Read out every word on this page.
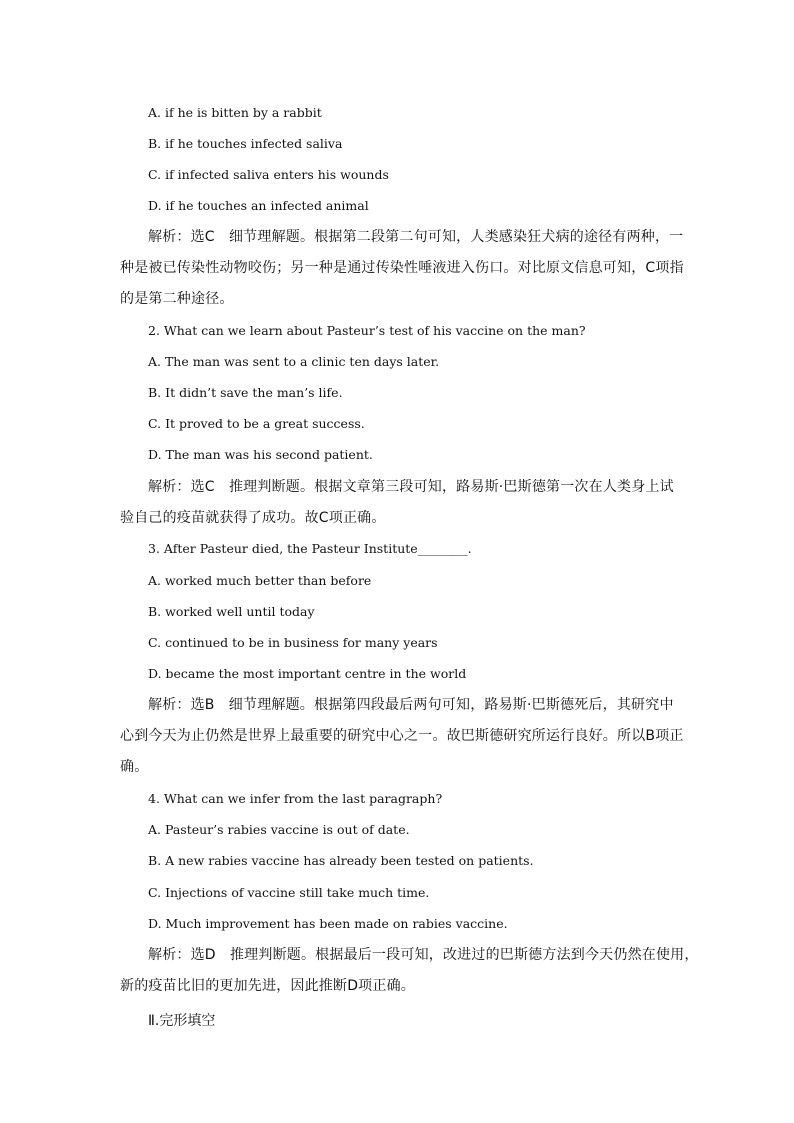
A. if he is bitten by a rabbit
B. if he touches infected saliva
C. if infected saliva enters his wounds
D. if he touches an infected animal
解析：选C　细节理解题。根据第二段第二句可知，人类感染狂犬病的途径有两种，一
种是被已传染性动物咬伤；另一种是通过传染性唾液进入伤口。对比原文信息可知，C项指
的是第二种途径。
2. What can we learn about Pasteur’s test of his vaccine on the man?
A. The man was sent to a clinic ten days later.
B. It didn’t save the man’s life.
C. It proved to be a great success.
D. The man was his second patient.
解析：选C　推理判断题。根据文章第三段可知，路易斯·巴斯德第一次在人类身上试
验自己的疫苗就获得了成功。故C项正确。
3. After Pasteur died, the Pasteur Institute________.
A. worked much better than before
B. worked well until today
C. continued to be in business for many years
D. became the most important centre in the world
解析：选B　细节理解题。根据第四段最后两句可知，路易斯·巴斯德死后，其研究中
心到今天为止仍然是世界上最重要的研究中心之一。故巴斯德研究所运行良好。所以B项正
确。
4. What can we infer from the last paragraph?
A. Pasteur’s rabies vaccine is out of date.
B. A new rabies vaccine has already been tested on patients.
C. Injections of vaccine still take much time.
D. Much improvement has been made on rabies vaccine.
解析：选D　推理判断题。根据最后一段可知，改进过的巴斯德方法到今天仍然在使用，
新的疫苗比旧的更加先进，因此推断D项正确。
Ⅱ.完形填空
